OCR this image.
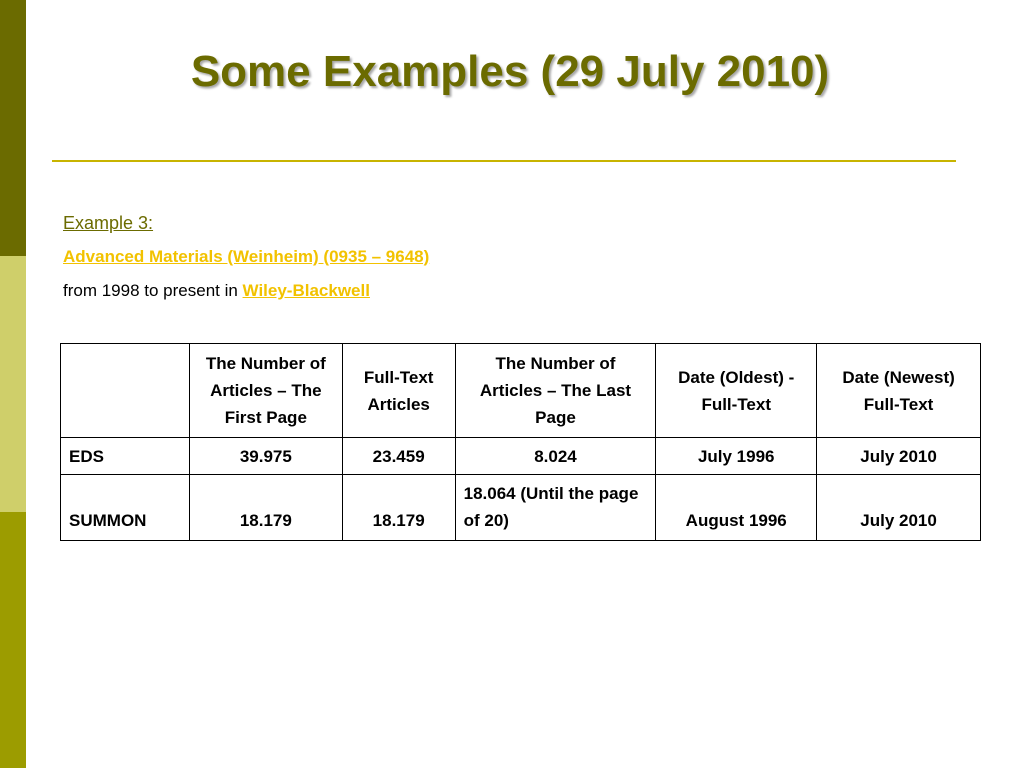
Some Examples (29 July 2010)
Example 3:
Advanced Materials (Weinheim) (0935 – 9648)
from 1998 to present in Wiley-Blackwell
	The Number of Articles – The First Page	Full-Text Articles	The Number of Articles – The Last Page	Date (Oldest) -Full-Text	Date (Newest) Full-Text
EDS	39.975	23.459	8.024	July 1996	July 2010
SUMMON	18.179	18.179	18.064 (Until the page of 20)	August 1996	July 2010
